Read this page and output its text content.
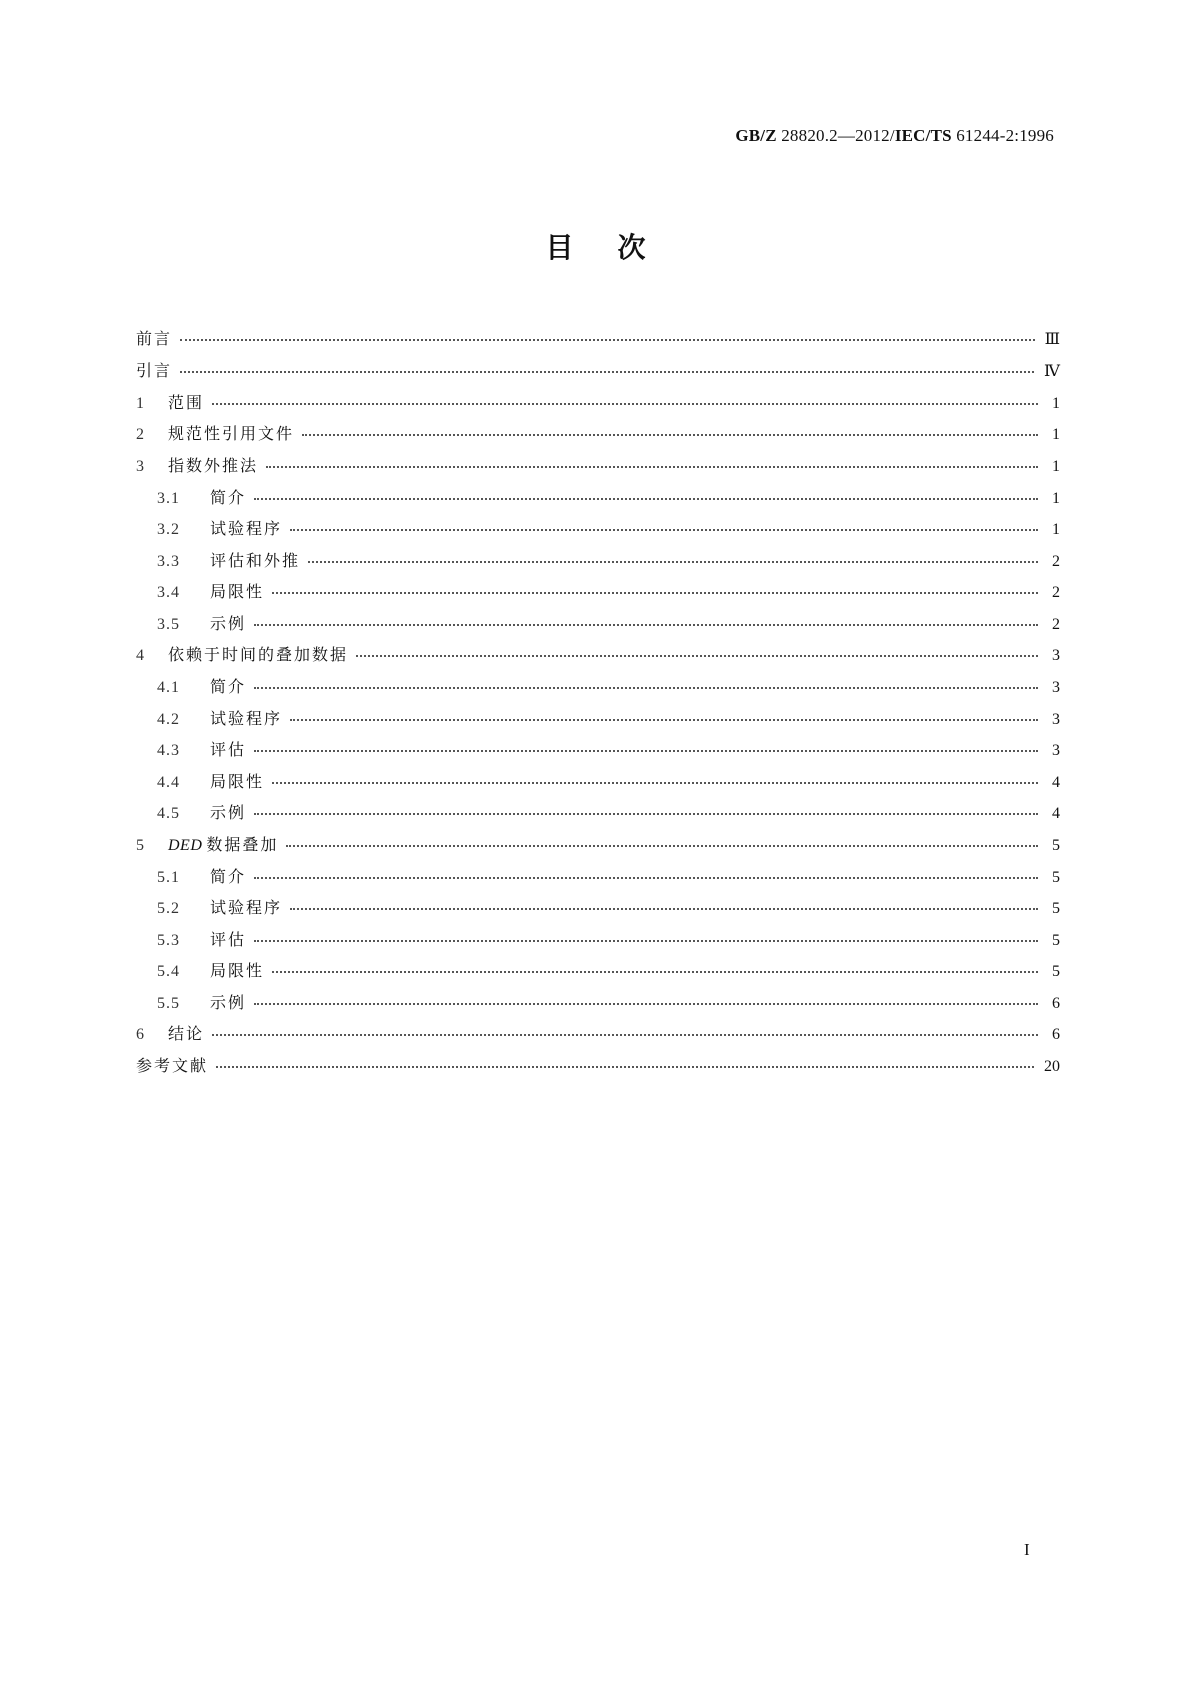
GB/Z 28820.2—2012/IEC/TS 61244-2:1996
目次
前言	Ⅲ
引言	Ⅳ
1	范围	1
2	规范性引用文件	1
3	指数外推法	1
3.1	简介	1
3.2	试验程序	1
3.3	评估和外推	2
3.4	局限性	2
3.5	示例	2
4	依赖于时间的叠加数据	3
4.1	简介	3
4.2	试验程序	3
4.3	评估	3
4.4	局限性	4
4.5	示例	4
5	DED 数据叠加	5
5.1	简介	5
5.2	试验程序	5
5.3	评估	5
5.4	局限性	5
5.5	示例	6
6	结论	6
参考文献	20
I
